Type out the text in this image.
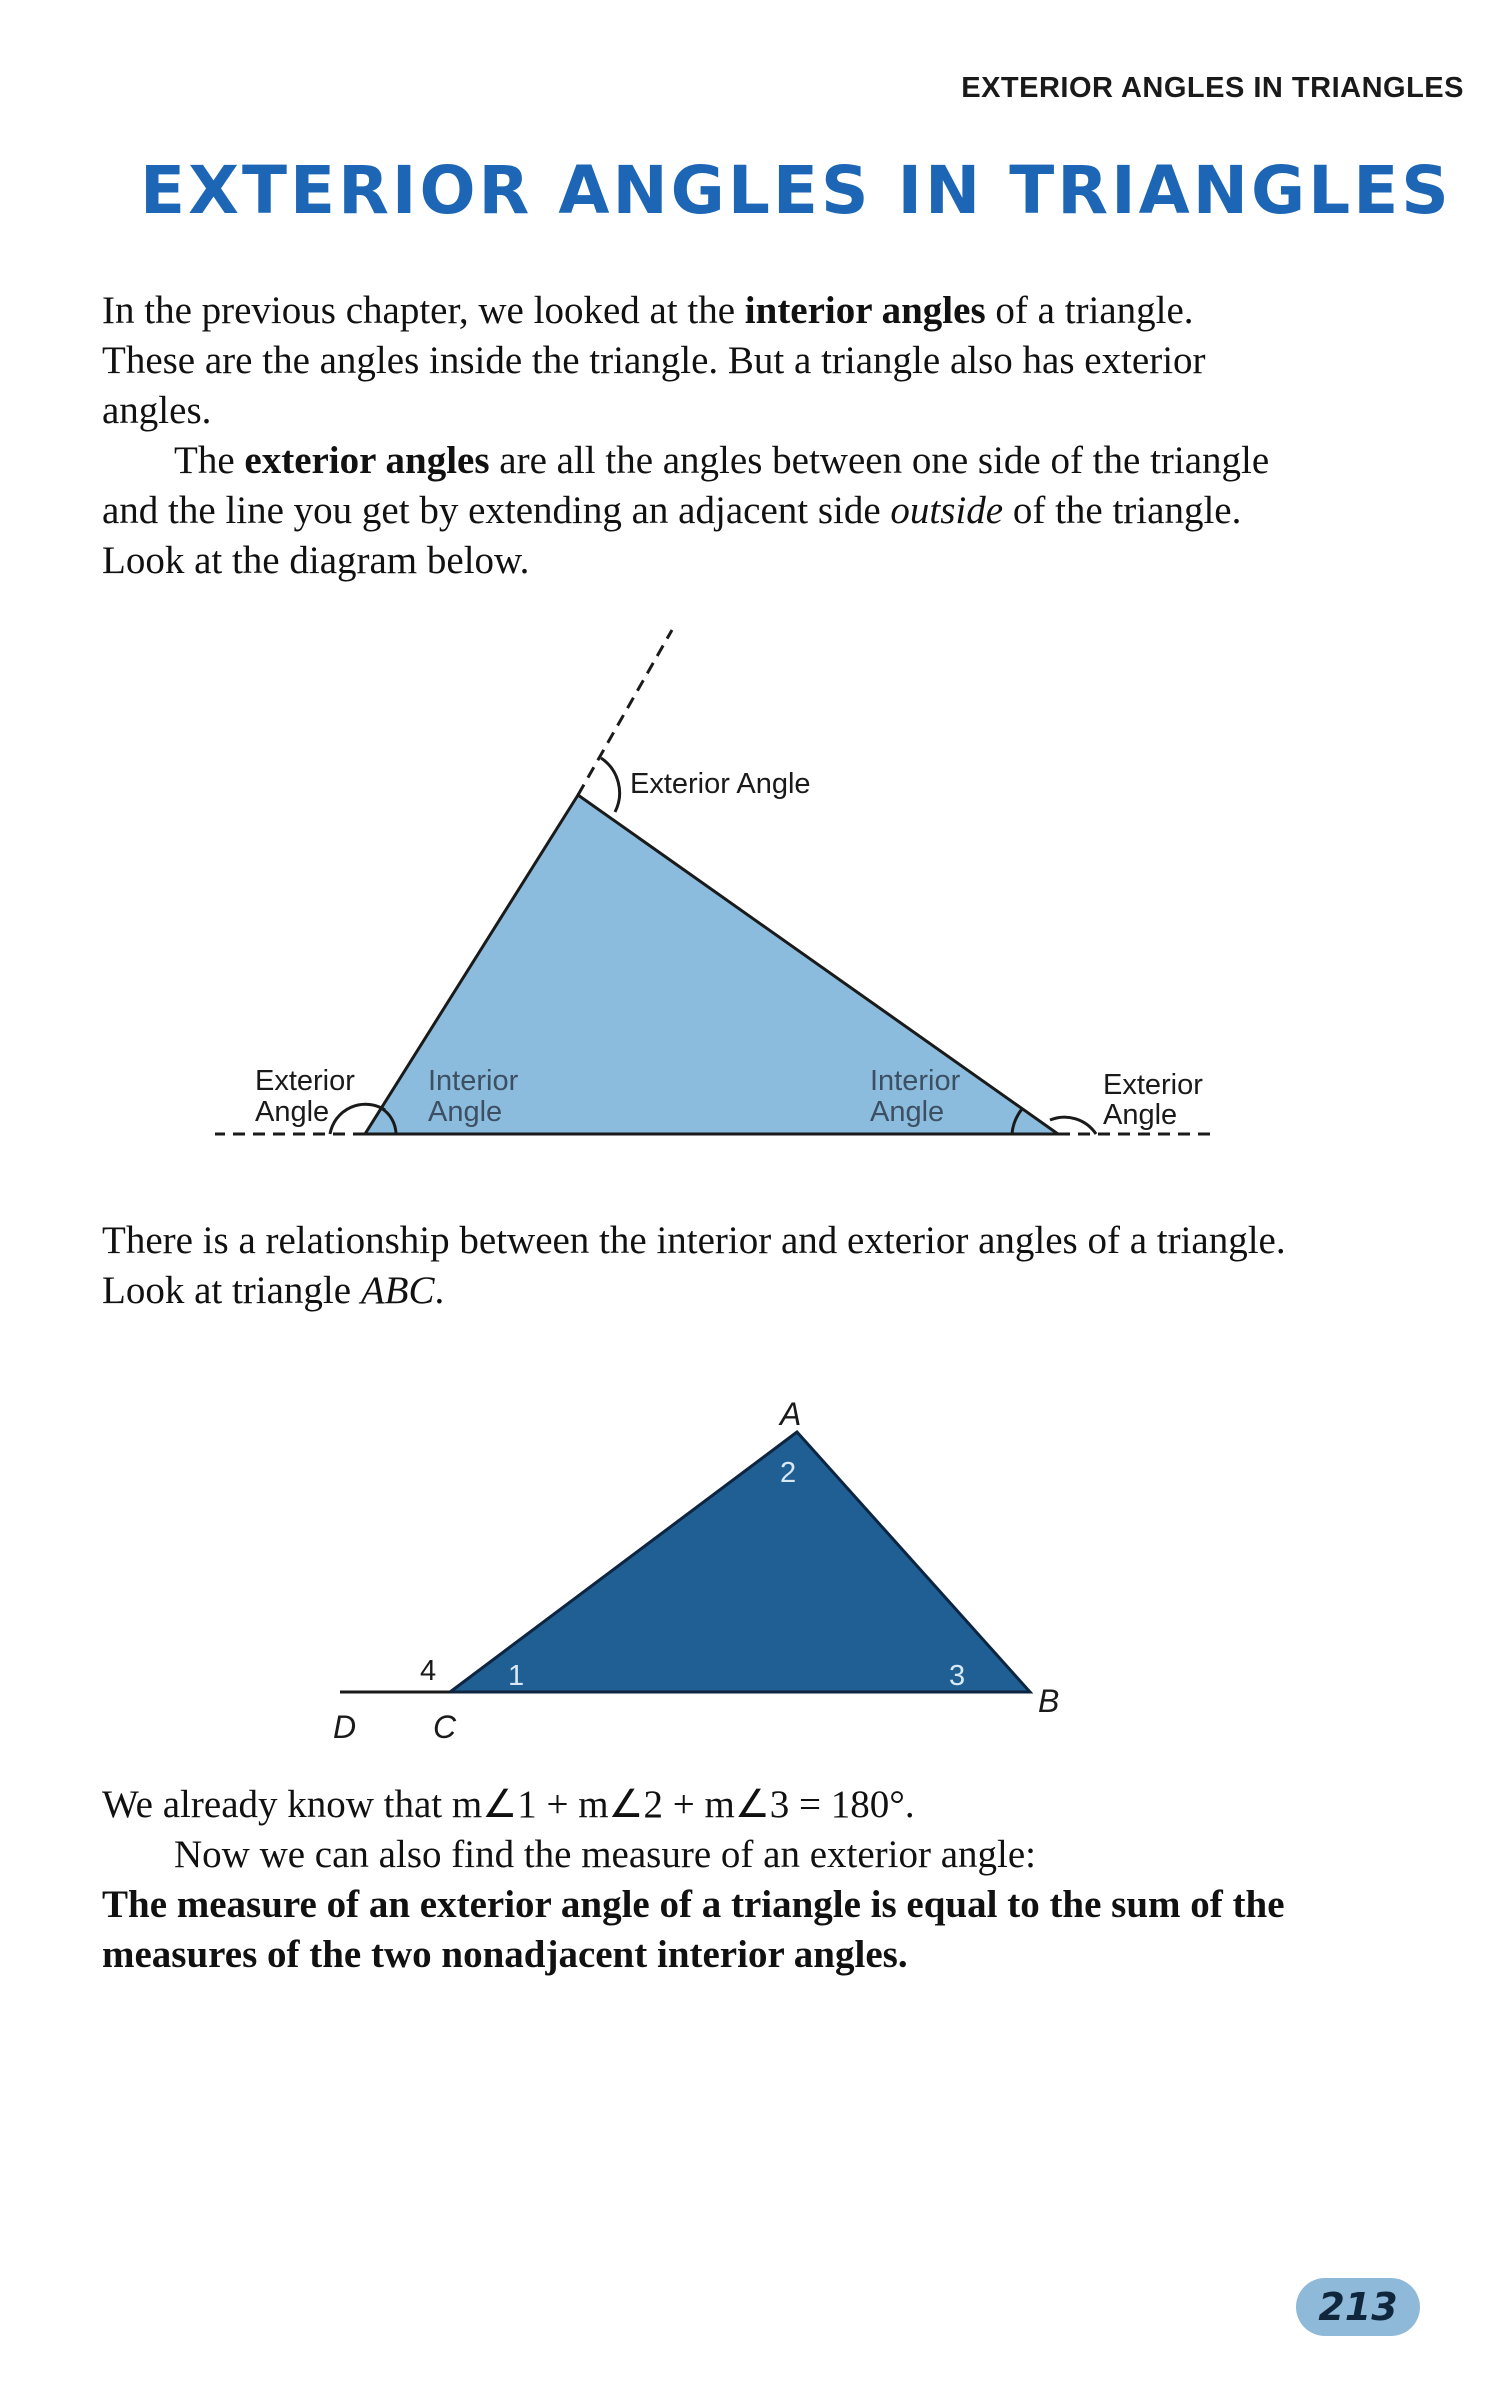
EXTERIOR ANGLES IN TRIANGLES
EXTERIOR ANGLES IN TRIANGLES

In the previous chapter, we looked at the interior angles of a triangle. These are the angles inside the triangle. But a triangle also has exterior angles.

The exterior angles are all the angles between one side of the triangle and the line you get by extending an adjacent side outside of the triangle. Look at the diagram below.

Exterior Angle
Exterior
Angle
Interior
Angle
Interior
Angle
Exterior
Angle

There is a relationship between the interior and exterior angles of a triangle. Look at triangle ABC.

A
B
C
D
1
2
3
4

We already know that m∠1 + m∠2 + m∠3 = 180°.

Now we can also find the measure of an exterior angle:

The measure of an exterior angle of a triangle is equal to the sum of the measures of the two nonadjacent interior angles.

213
